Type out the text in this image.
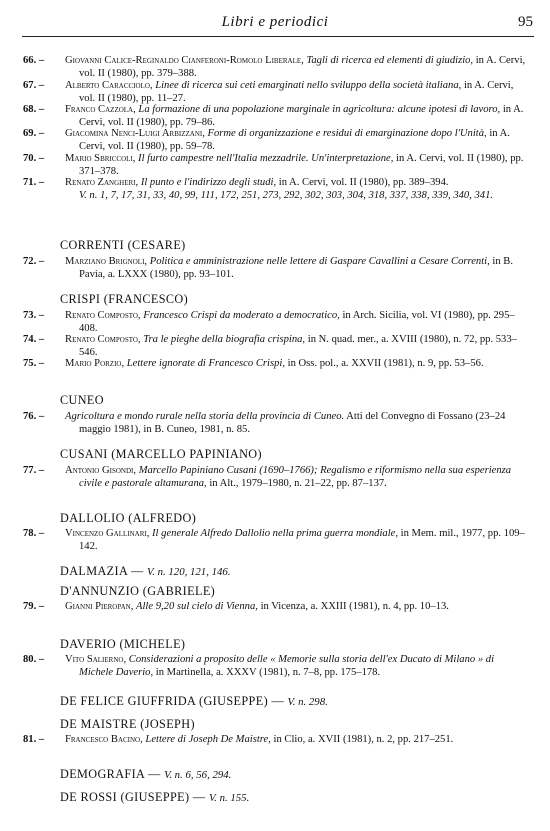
Libri e periodici	95
66. –	Giovanni Calice-Reginaldo Cianferoni-Romolo Liberale, Tagli di ricerca ed elementi di giudizio, in A. Cervi, vol. II (1980), pp. 379–388.
67. –	Alberto Caracciolo, Linee di ricerca sui ceti emarginati nello sviluppo della società italiana, in A. Cervi, vol. II (1980), pp. 11–27.
68. –	Franco Cazzola, La formazione di una popolazione marginale in agricoltura: alcune ipotesi di lavoro, in A. Cervi, vol. II (1980), pp. 79–86.
69. –	Giacomina Nenci-Luigi Arbizzani, Forme di organizzazione e residui di emarginazione dopo l'Unità, in A. Cervi, vol. II (1980), pp. 59–78.
70. –	Mario Sbriccoli, Il furto campestre nell'Italia mezzadrile. Un'interpretazione, in A. Cervi, vol. II (1980), pp. 371–378.
71. –	Renato Zangheri, Il punto e l'indirizzo degli studi, in A. Cervi, vol. II (1980), pp. 389–394.
V. n. 1, 7, 17, 31, 33, 40, 99, 111, 172, 251, 273, 292, 302, 303, 304, 318, 337, 338, 339, 340, 341.
CORRENTI (CESARE)
72. –	Marziano Brignoli, Politica e amministrazione nelle lettere di Gaspare Cavallini a Cesare Correnti, in B. Pavia, a. LXXX (1980), pp. 93–101.
CRISPI (FRANCESCO)
73. –	Renato Composto, Francesco Crispi da moderato a democratico, in Arch. Sicilia, vol. VI (1980), pp. 295–408.
74. –	Renato Composto, Tra le pieghe della biografia crispina, in N. quad. mer., a. XVIII (1980), n. 72, pp. 533–546.
75. –	Mario Porzio, Lettere ignorate di Francesco Crispi, in Oss. pol., a. XXVII (1981), n. 9, pp. 53–56.
CUNEO
76. –	Agricoltura e mondo rurale nella storia della provincia di Cuneo. Atti del Convegno di Fossano (23–24 maggio 1981), in B. Cuneo, 1981, n. 85.
CUSANI (MARCELLO PAPINIANO)
77. –	Antonio Gisondi, Marcello Papiniano Cusani (1690–1766); Regalismo e riformismo nella sua esperienza civile e pastorale altamurana, in Alt., 1979–1980, n. 21–22, pp. 87–137.
DALLOLIO (ALFREDO)
78. –	Vincenzo Gallinari, Il generale Alfredo Dallolio nella prima guerra mondiale, in Mem. mil., 1977, pp. 109–142.
DALMAZIA — V. n. 120, 121, 146.
D'ANNUNZIO (GABRIELE)
79. –	Gianni Pieropan, Alle 9,20 sul cielo di Vienna, in Vicenza, a. XXIII (1981), n. 4, pp. 10–13.
DAVERIO (MICHELE)
80. –	Vito Salierno, Considerazioni a proposito delle « Memorie sulla storia dell'ex Ducato di Milano » di Michele Daverio, in Martinella, a. XXXV (1981), n. 7–8, pp. 175–178.
DE FELICE GIUFFRIDA (GIUSEPPE) — V. n. 298.
DE MAISTRE (JOSEPH)
81. –	Francesco Bacino, Lettere di Joseph De Maistre, in Clio, a. XVII (1981), n. 2, pp. 217–251.
DEMOGRAFIA — V. n. 6, 56, 294.
DE ROSSI (GIUSEPPE) — V. n. 155.
